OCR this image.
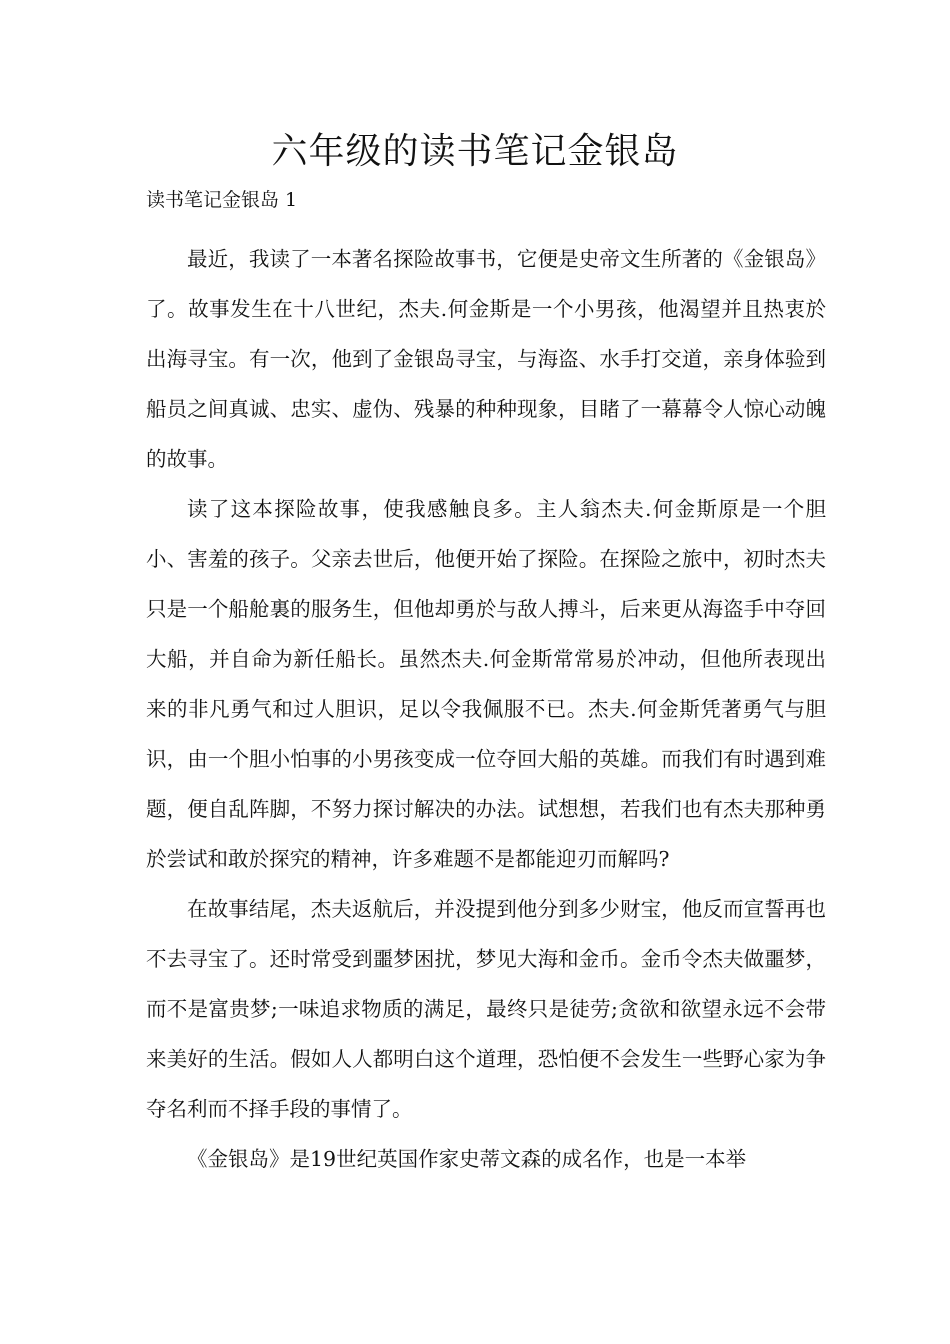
六年级的读书笔记金银岛

读书笔记金银岛 1

最近，我读了一本著名探险故事书，它便是史帝文生所著的《金银岛》了。故事发生在十八世纪，杰夫.何金斯是一个小男孩，他渴望并且热衷於出海寻宝。有一次，他到了金银岛寻宝，与海盗、水手打交道，亲身体验到船员之间真诚、忠实、虚伪、残暴的种种现象，目睹了一幕幕令人惊心动魄的故事。

读了这本探险故事，使我感触良多。主人翁杰夫.何金斯原是一个胆小、害羞的孩子。父亲去世后，他便开始了探险。在探险之旅中，初时杰夫只是一个船舱裏的服务生，但他却勇於与敌人搏斗，后来更从海盗手中夺回大船，并自命为新任船长。虽然杰夫.何金斯常常易於冲动，但他所表现出来的非凡勇气和过人胆识，足以令我佩服不已。杰夫.何金斯凭著勇气与胆识，由一个胆小怕事的小男孩变成一位夺回大船的英雄。而我们有时遇到难题，便自乱阵脚，不努力探讨解决的办法。试想想，若我们也有杰夫那种勇於尝试和敢於探究的精神，许多难题不是都能迎刃而解吗?

在故事结尾，杰夫返航后，并没提到他分到多少财宝，他反而宣誓再也不去寻宝了。还时常受到噩梦困扰，梦见大海和金币。金币令杰夫做噩梦，而不是富贵梦;一味追求物质的满足，最终只是徒劳;贪欲和欲望永远不会带来美好的生活。假如人人都明白这个道理，恐怕便不会发生一些野心家为争夺名利而不择手段的事情了。

《金银岛》是19世纪英国作家史蒂文森的成名作，也是一本举
